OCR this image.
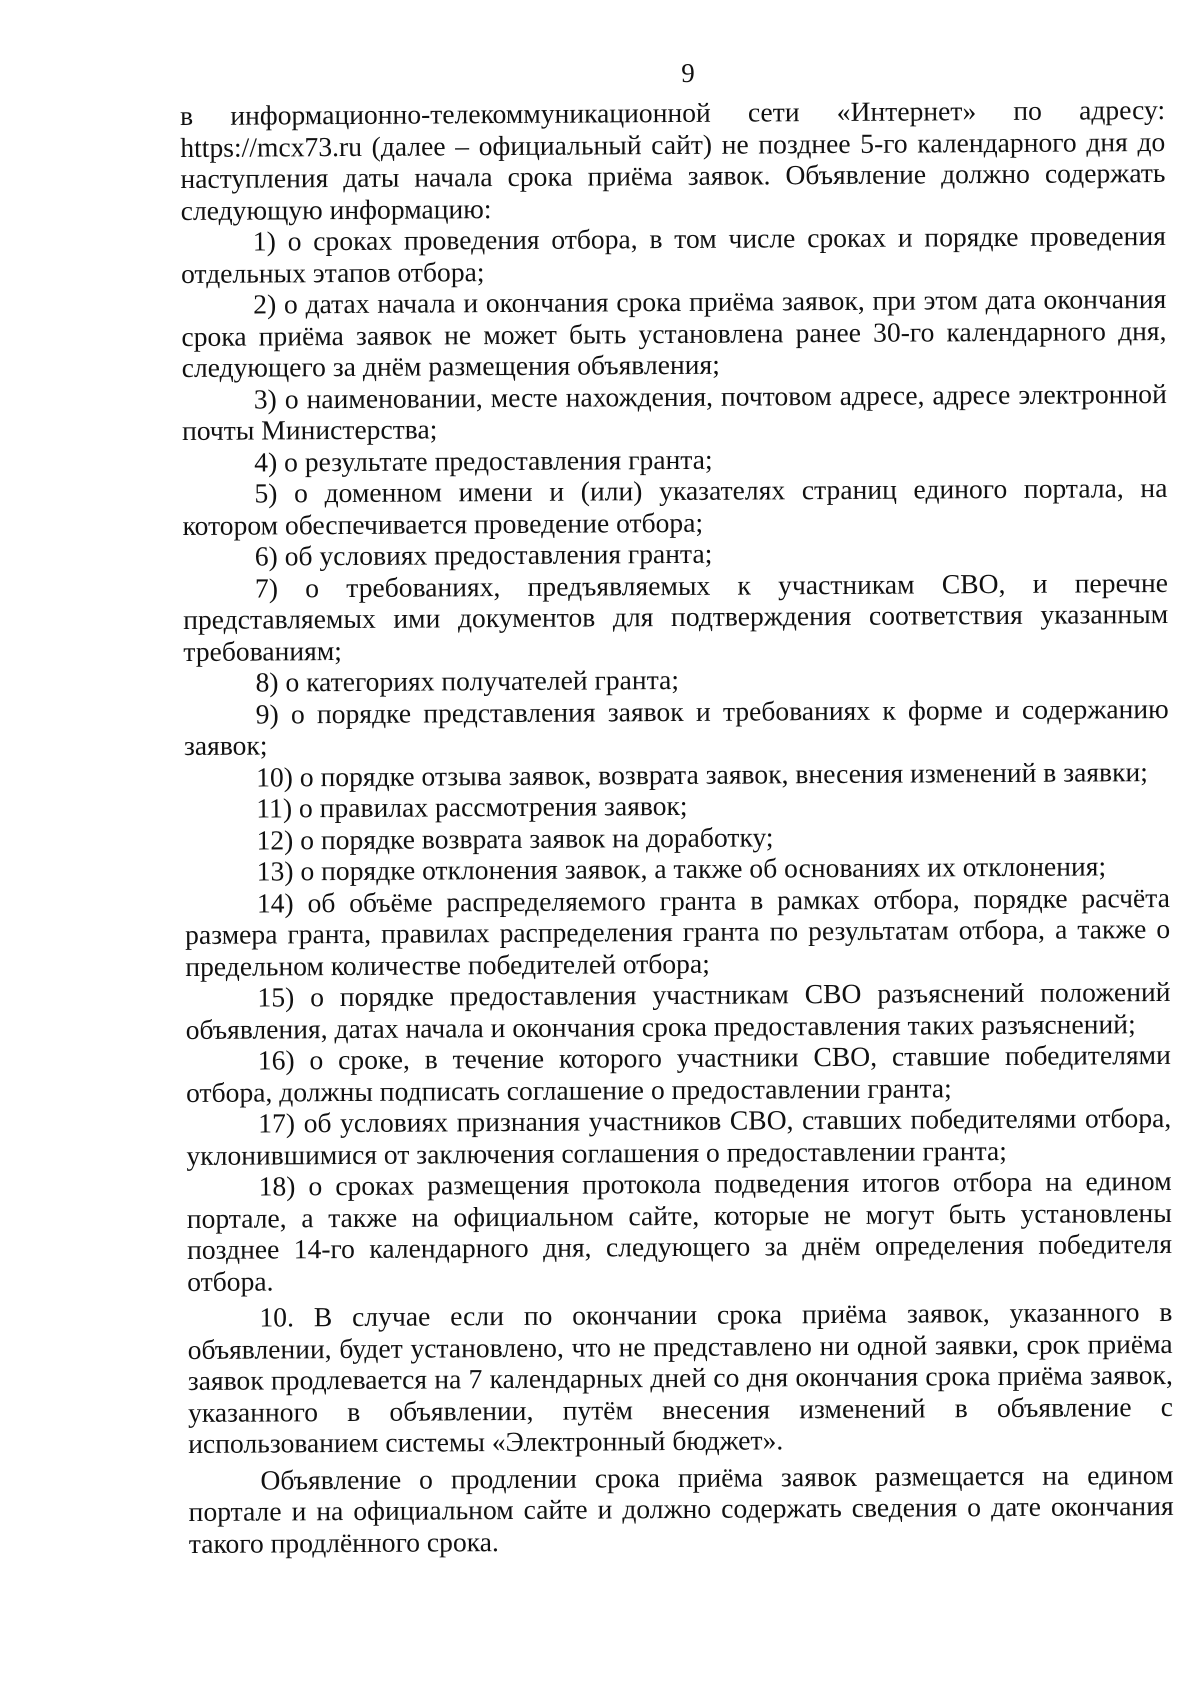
9

в информационно-телекоммуникационной сети «Интернет» по адресу: https://mcx73.ru (далее – официальный сайт) не позднее 5-го календарного дня до наступления даты начала срока приёма заявок. Объявление должно содержать следующую информацию:

1) о сроках проведения отбора, в том числе сроках и порядке проведения отдельных этапов отбора;

2) о датах начала и окончания срока приёма заявок, при этом дата окончания срока приёма заявок не может быть установлена ранее 30-го календарного дня, следующего за днём размещения объявления;

3) о наименовании, месте нахождения, почтовом адресе, адресе электронной почты Министерства;

4) о результате предоставления гранта;

5) о доменном имени и (или) указателях страниц единого портала, на котором обеспечивается проведение отбора;

6) об условиях предоставления гранта;

7) о требованиях, предъявляемых к участникам СВО, и перечне представляемых ими документов для подтверждения соответствия указанным требованиям;

8) о категориях получателей гранта;

9) о порядке представления заявок и требованиях к форме и содержанию заявок;

10) о порядке отзыва заявок, возврата заявок, внесения изменений в заявки;

11) о правилах рассмотрения заявок;

12) о порядке возврата заявок на доработку;

13) о порядке отклонения заявок, а также об основаниях их отклонения;

14) об объёме распределяемого гранта в рамках отбора, порядке расчёта размера гранта, правилах распределения гранта по результатам отбора, а также о предельном количестве победителей отбора;

15) о порядке предоставления участникам СВО разъяснений положений объявления, датах начала и окончания срока предоставления таких разъяснений;

16) о сроке, в течение которого участники СВО, ставшие победителями отбора, должны подписать соглашение о предоставлении гранта;

17) об условиях признания участников СВО, ставших победителями отбора, уклонившимися от заключения соглашения о предоставлении гранта;

18) о сроках размещения протокола подведения итогов отбора на едином портале, а также на официальном сайте, которые не могут быть установлены позднее 14-го календарного дня, следующего за днём определения победителя отбора.

10. В случае если по окончании срока приёма заявок, указанного в объявлении, будет установлено, что не представлено ни одной заявки, срок приёма заявок продлевается на 7 календарных дней со дня окончания срока приёма заявок, указанного в объявлении, путём внесения изменений в объявление с использованием системы «Электронный бюджет».

Объявление о продлении срока приёма заявок размещается на едином портале и на официальном сайте и должно содержать сведения о дате окончания такого продлённого срока.
